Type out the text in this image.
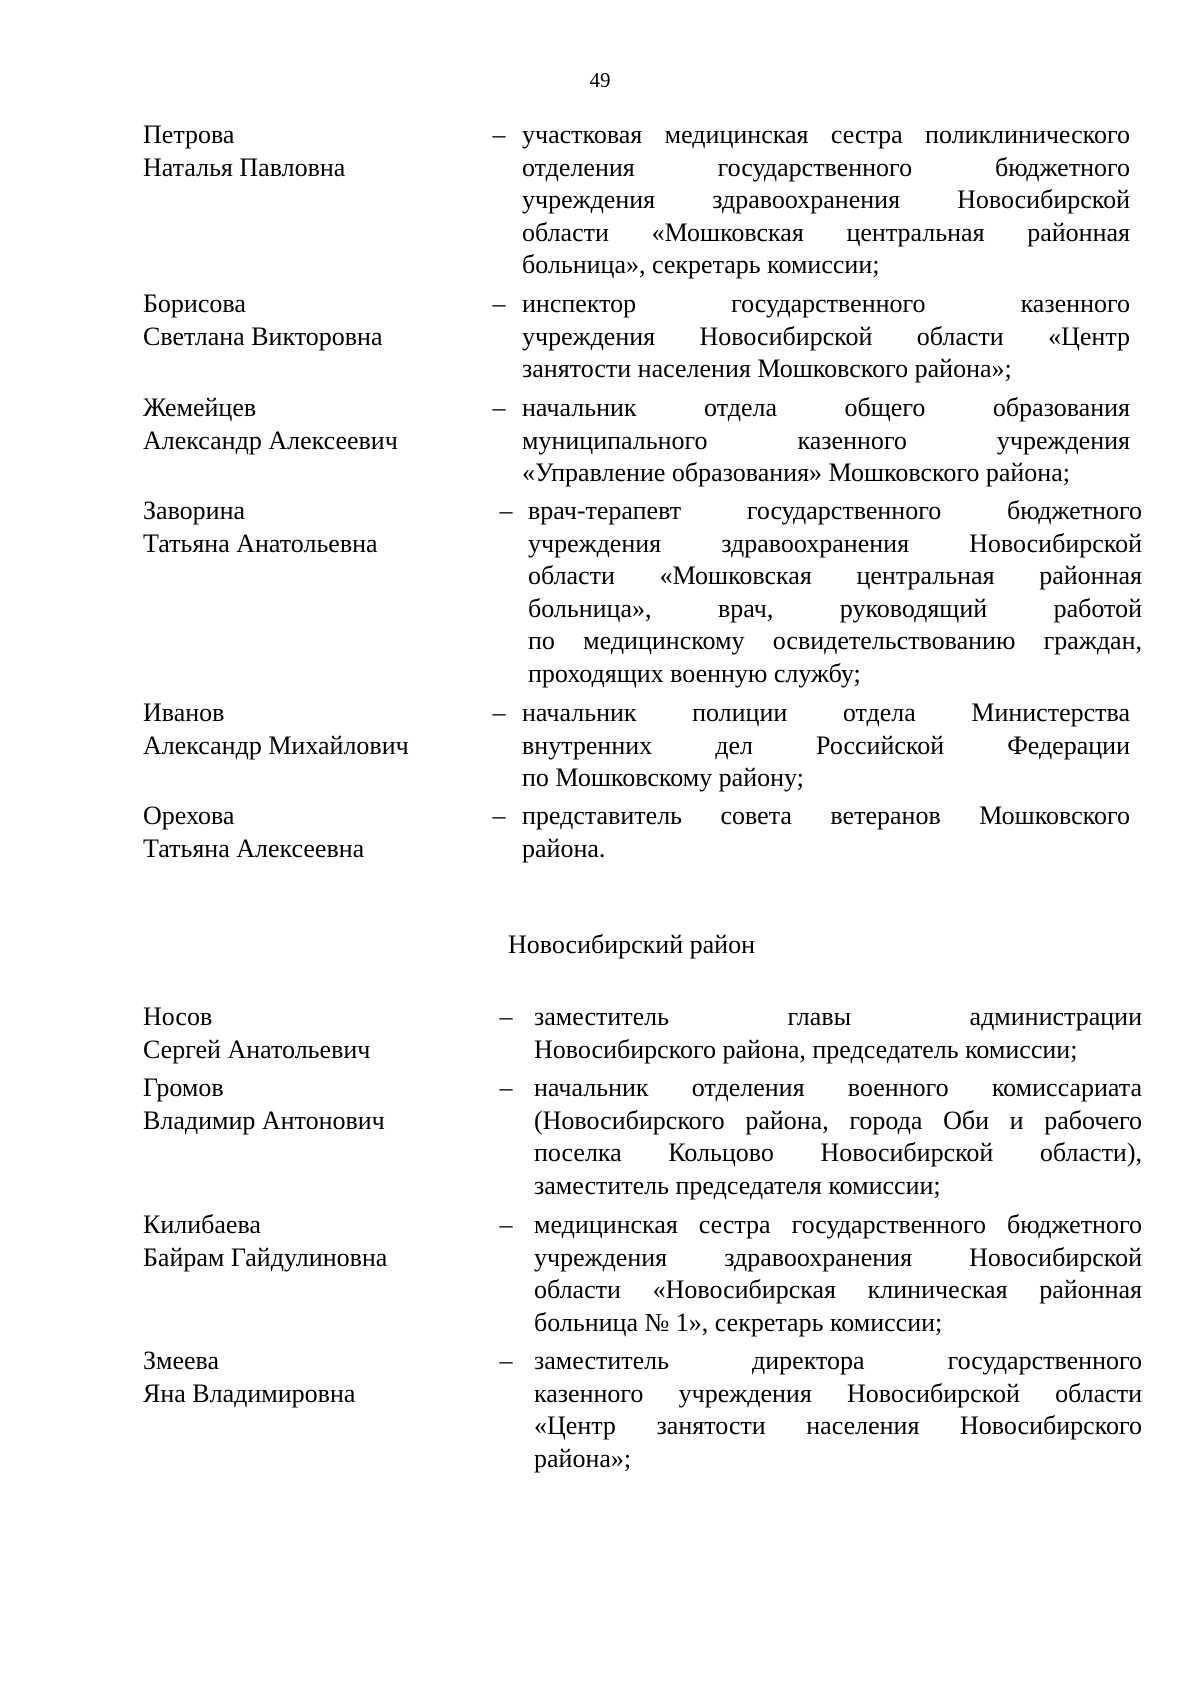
49
Петрова
Наталья Павловна
– участковая медицинская сестра поликлинического
отделения государственного бюджетного
учреждения здравоохранения Новосибирской
области «Мошковская центральная районная
больница», секретарь комиссии;
Борисова
Светлана Викторовна
– инспектор государственного казенного
учреждения Новосибирской области «Центр
занятости населения Мошковского района»;
Жемейцев
Александр Алексеевич
– начальник отдела общего образования
муниципального казенного учреждения
«Управление образования» Мошковского района;
Заворина
Татьяна Анатольевна
– врач-терапевт государственного бюджетного
учреждения здравоохранения Новосибирской
области «Мошковская центральная районная
больница», врач, руководящий работой
по медицинскому освидетельствованию граждан,
проходящих военную службу;
Иванов
Александр Михайлович
– начальник полиции отдела Министерства
внутренних дел Российской Федерации
по Мошковскому району;
Орехова
Татьяна Алексеевна
– представитель совета ветеранов Мошковского
района.
Новосибирский район
Носов
Сергей Анатольевич
– заместитель главы администрации
Новосибирского района, председатель комиссии;
Громов
Владимир Антонович
– начальник отделения военного комиссариата
(Новосибирского района, города Оби и рабочего
поселка Кольцово Новосибирской области),
заместитель председателя комиссии;
Килибаева
Байрам Гайдулиновна
– медицинская сестра государственного бюджетного
учреждения здравоохранения Новосибирской
области «Новосибирская клиническая районная
больница № 1», секретарь комиссии;
Змеева
Яна Владимировна
– заместитель директора государственного
казенного учреждения Новосибирской области
«Центр занятости населения Новосибирского
района»;
